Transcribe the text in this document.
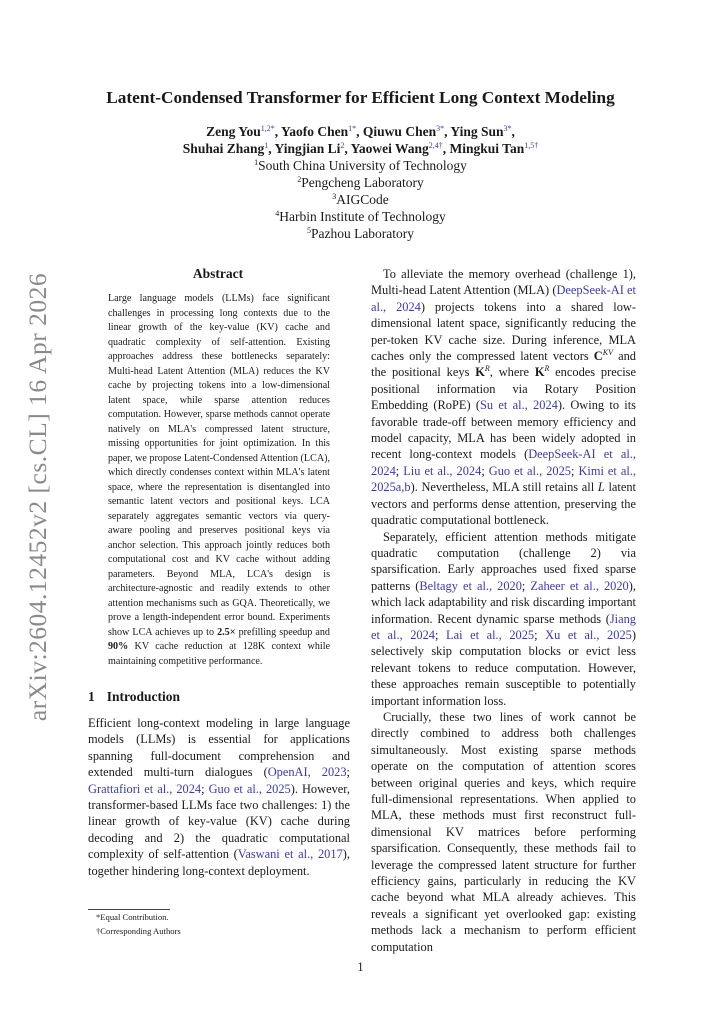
arXiv:2604.12452v2 [cs.CL] 16 Apr 2026
Latent-Condensed Transformer for Efficient Long Context Modeling
Zeng You$^{1,2*}$, Yaofo Chen$^{1*}$, Qiuwu Chen$^{3*}$, Ying Sun$^{3*}$,
Shuhai Zhang$^1$, Yingjian Li$^2$, Yaowei Wang$^{2,4\dagger}$, Mingkui Tan$^{1,5\dagger}$
$^1$South China University of Technology
$^2$Pengcheng Laboratory
$^3$AIGCode
$^4$Harbin Institute of Technology
$^5$Pazhou Laboratory
Abstract
Large language models (LLMs) face significant challenges in processing long contexts due to the linear growth of the key-value (KV) cache and quadratic complexity of self-attention. Existing approaches address these bottlenecks separately: Multi-head Latent Attention (MLA) reduces the KV cache by projecting tokens into a low-dimensional latent space, while sparse attention reduces computation. However, sparse methods cannot operate natively on MLA's compressed latent structure, missing opportunities for joint optimization. In this paper, we propose Latent-Condensed Attention (LCA), which directly condenses context within MLA's latent space, where the representation is disentangled into semantic latent vectors and positional keys. LCA separately aggregates semantic vectors via query-aware pooling and preserves positional keys via anchor selection. This approach jointly reduces both computational cost and KV cache without adding parameters. Beyond MLA, LCA's design is architecture-agnostic and readily extends to other attention mechanisms such as GQA. Theoretically, we prove a length-independent error bound. Experiments show LCA achieves up to 2.5× prefilling speedup and 90% KV cache reduction at 128K context while maintaining competitive performance.
1 Introduction
Efficient long-context modeling in large language models (LLMs) is essential for applications spanning full-document comprehension and extended multi-turn dialogues (OpenAI, 2023; Grattafiori et al., 2024; Guo et al., 2025). However, transformer-based LLMs face two challenges: 1) the linear growth of key-value (KV) cache during decoding and 2) the quadratic computational complexity of self-attention (Vaswani et al., 2017), together hindering long-context deployment.
*Equal Contribution.
†Corresponding Authors

To alleviate the memory overhead (challenge 1), Multi-head Latent Attention (MLA) (DeepSeek-AI et al., 2024) projects tokens into a shared low-dimensional latent space, significantly reducing the per-token KV cache size. During inference, MLA caches only the compressed latent vectors $C^{KV}$ and the positional keys $K^R$, where $K^R$ encodes precise positional information via Rotary Position Embedding (RoPE) (Su et al., 2024). Owing to its favorable trade-off between memory efficiency and model capacity, MLA has been widely adopted in recent long-context models (DeepSeek-AI et al., 2024; Liu et al., 2024; Guo et al., 2025; Kimi et al., 2025a,b). Nevertheless, MLA still retains all L latent vectors and performs dense attention, preserving the quadratic computational bottleneck.

Separately, efficient attention methods mitigate quadratic computation (challenge 2) via sparsification. Early approaches used fixed sparse patterns (Beltagy et al., 2020; Zaheer et al., 2020), which lack adaptability and risk discarding important information. Recent dynamic sparse methods (Jiang et al., 2024; Lai et al., 2025; Xu et al., 2025) selectively skip computation blocks or evict less relevant tokens to reduce computation. However, these approaches remain susceptible to potentially important information loss.

Crucially, these two lines of work cannot be directly combined to address both challenges simultaneously. Most existing sparse methods operate on the computation of attention scores between original queries and keys, which require full-dimensional representations. When applied to MLA, these methods must first reconstruct full-dimensional KV matrices before performing sparsification. Consequently, these methods fail to leverage the compressed latent structure for further efficiency gains, particularly in reducing the KV cache beyond what MLA already achieves. This reveals a significant yet overlooked gap: existing methods lack a mechanism to perform efficient computation

1
